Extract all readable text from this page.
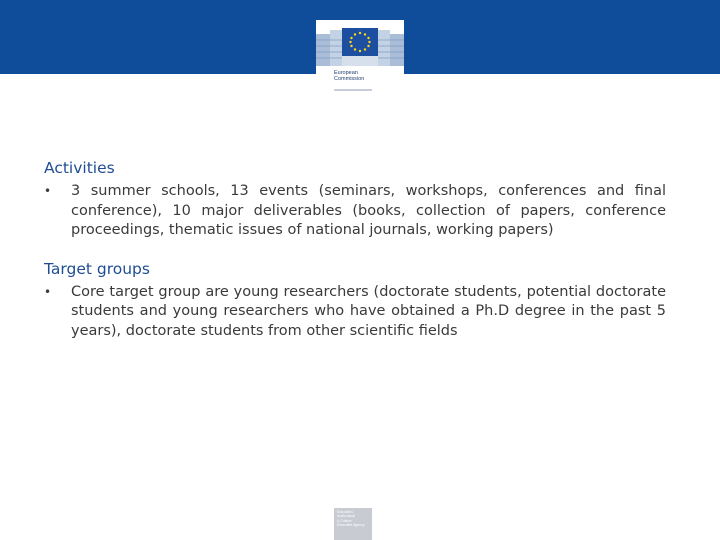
European
Commission
Activities
• 3 summer schools, 13 events (seminars, workshops, conferences and final conference), 10 major deliverables (books, collection of papers, conference proceedings, thematic issues of national journals, working papers)
Target groups
• Core target group are young researchers (doctorate students, potential doctorate students and young researchers who have obtained a Ph.D degree in the past 5 years), doctorate students from other scientific fields
Education,
Audiovisual
& Culture
Executive Agency
